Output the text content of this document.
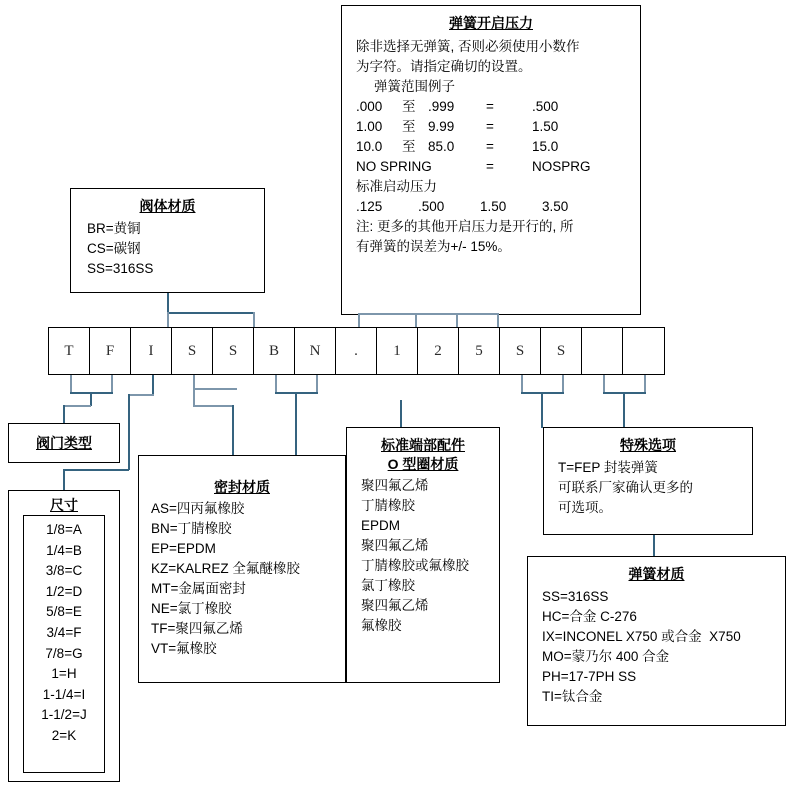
弹簧开启压力
除非选择无弹簧, 否则必须使用小数作
为字符。请指定确切的设置。
弹簧范围例子
.000	至 .999	=	.500
1.00	至 9.99	=	1.50
10.0	至 85.0	=	15.0
NO SPRING	=	NOSPRG
标准启动压力
.125	.500	1.50	3.50
注: 更多的其他开启压力是开行的, 所
有弹簧的误差为+/- 15%。
阀体材质
BR=黄铜
CS=碳钢
SS=316SS
T	F	I	S	S	B	N	.	1	2	5	S	S
阀门类型
尺寸
1/8=A
1/4=B
3/8=C
1/2=D
5/8=E
3/4=F
7/8=G
1=H
1-1/4=I
1-1/2=J
2=K
密封材质
AS=四丙氟橡胶
BN=丁腈橡胶
EP=EPDM
KZ=KALREZ 全氟醚橡胶
MT=金属面密封
NE=氯丁橡胶
TF=聚四氟乙烯
VT=氟橡胶
标准端部配件
O 型圈材质
聚四氟乙烯
丁腈橡胶
EPDM
聚四氟乙烯
丁腈橡胶或氟橡胶
氯丁橡胶
聚四氟乙烯
氟橡胶
特殊选项
T=FEP 封装弹簧
可联系厂家确认更多的
可选项。
弹簧材质
SS=316SS
HC=合金 C-276
IX=INCONEL X750 或合金  X750
MO=蒙乃尔 400 合金
PH=17-7PH SS
TI=钛合金
